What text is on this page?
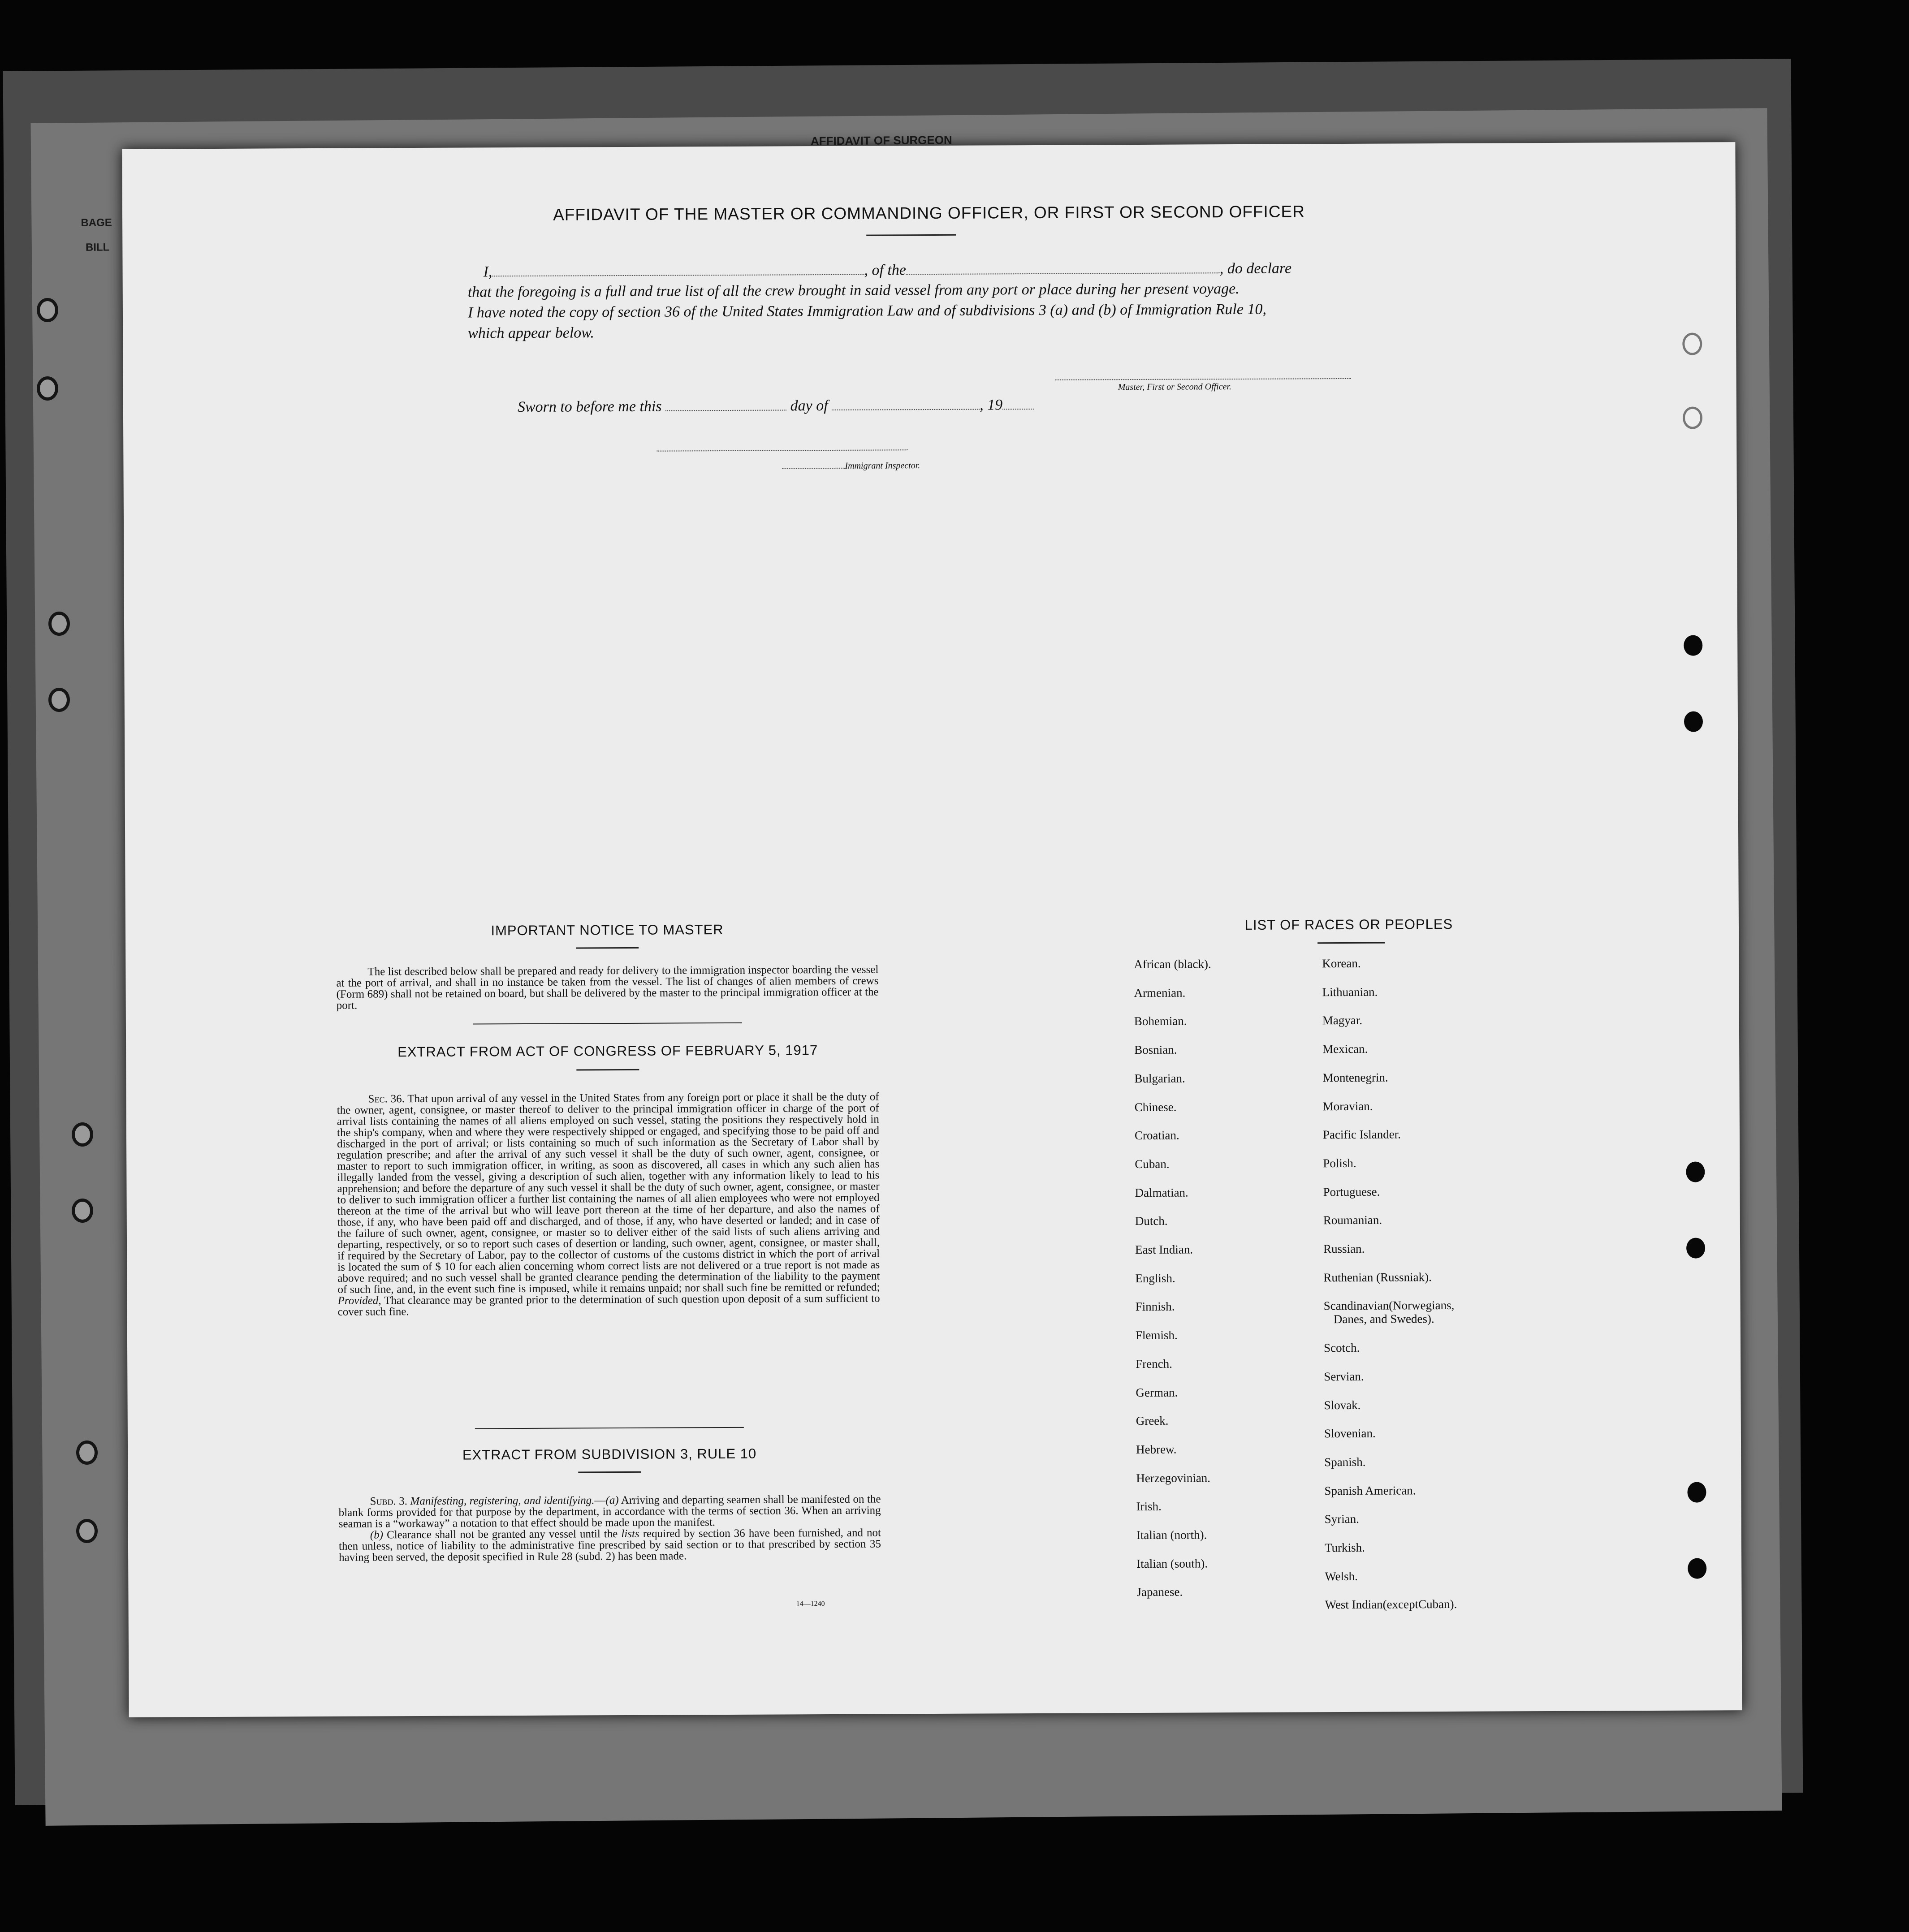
AFFIDAVIT OF SURGEON
BAGE
BILL
AFFIDAVIT OF THE MASTER OR COMMANDING OFFICER, OR FIRST OR SECOND OFFICER
I,	, of the	, do declare
that the foregoing is a full and true list of all the crew brought in said vessel from any port or place during her present voyage.
I have noted the copy of section 36 of the United States Immigration Law and of subdivisions 3 (a) and (b) of Immigration Rule 10,
which appear below.
Master, First or Second Officer.
Sworn to before me this	day of	, 19
Immigrant Inspector.
IMPORTANT NOTICE TO MASTER

The list described below shall be prepared and ready for delivery to the immigration inspector boarding the vessel at the port of arrival, and shall in no instance be taken from the vessel. The list of changes of alien members of crews (Form 689) shall not be retained on board, but shall be delivered by the master to the principal immigration officer at the port.

EXTRACT FROM ACT OF CONGRESS OF FEBRUARY 5, 1917

Sec. 36. That upon arrival of any vessel in the United States from any foreign port or place it shall be the duty of the owner, agent, consignee, or master thereof to deliver to the principal immigration officer in charge of the port of arrival lists containing the names of all aliens employed on such vessel, stating the positions they respectively hold in the ship's company, when and where they were respectively shipped or engaged, and specifying those to be paid off and discharged in the port of arrival; or lists containing so much of such information as the Secretary of Labor shall by regulation prescribe; and after the arrival of any such vessel it shall be the duty of such owner, agent, consignee, or master to report to such immigration officer, in writing, as soon as discovered, all cases in which any such alien has illegally landed from the vessel, giving a description of such alien, together with any information likely to lead to his apprehension; and before the departure of any such vessel it shall be the duty of such owner, agent, consignee, or master to deliver to such immigration officer a further list containing the names of all alien employees who were not employed thereon at the time of the arrival but who will leave port thereon at the time of her departure, and also the names of those, if any, who have been paid off and discharged, and of those, if any, who have deserted or landed; and in case of the failure of such owner, agent, consignee, or master so to deliver either of the said lists of such aliens arriving and departing, respectively, or so to report such cases of desertion or landing, such owner, agent, consignee, or master shall, if required by the Secretary of Labor, pay to the collector of customs of the customs district in which the port of arrival is located the sum of $ 10 for each alien concerning whom correct lists are not delivered or a true report is not made as above required; and no such vessel shall be granted clearance pending the determination of the liability to the payment of such fine, and, in the event such fine is imposed, while it remains unpaid; nor shall such fine be remitted or refunded; Provided, That clearance may be granted prior to the determination of such question upon deposit of a sum sufficient to cover such fine.

EXTRACT FROM SUBDIVISION 3, RULE 10

Subd. 3. Manifesting, registering, and identifying.—(a) Arriving and departing seamen shall be manifested on the blank forms provided for that purpose by the department, in accordance with the terms of section 36. When an arriving seaman is a “workaway” a notation to that effect should be made upon the manifest.

(b) Clearance shall not be granted any vessel until the lists required by section 36 have been furnished, and not then unless, notice of liability to the administrative fine prescribed by said section or to that prescribed by section 35 having been served, the deposit specified in Rule 28 (subd. 2) has been made.

14—1240
LIST OF RACES OR PEOPLES
African (black).
Armenian.
Bohemian.
Bosnian.
Bulgarian.
Chinese.
Croatian.
Cuban.
Dalmatian.
Dutch.
East Indian.
English.
Finnish.
Flemish.
French.
German.
Greek.
Hebrew.
Herzegovinian.
Irish.
Italian (north).
Italian (south).
Japanese.
Korean.
Lithuanian.
Magyar.
Mexican.
Montenegrin.
Moravian.
Pacific Islander.
Polish.
Portuguese.
Roumanian.
Russian.
Ruthenian (Russniak).
Scandinavian(Norwegians,
Danes, and Swedes).
Scotch.
Servian.
Slovak.
Slovenian.
Spanish.
Spanish American.
Syrian.
Turkish.
Welsh.
West Indian(exceptCuban).
